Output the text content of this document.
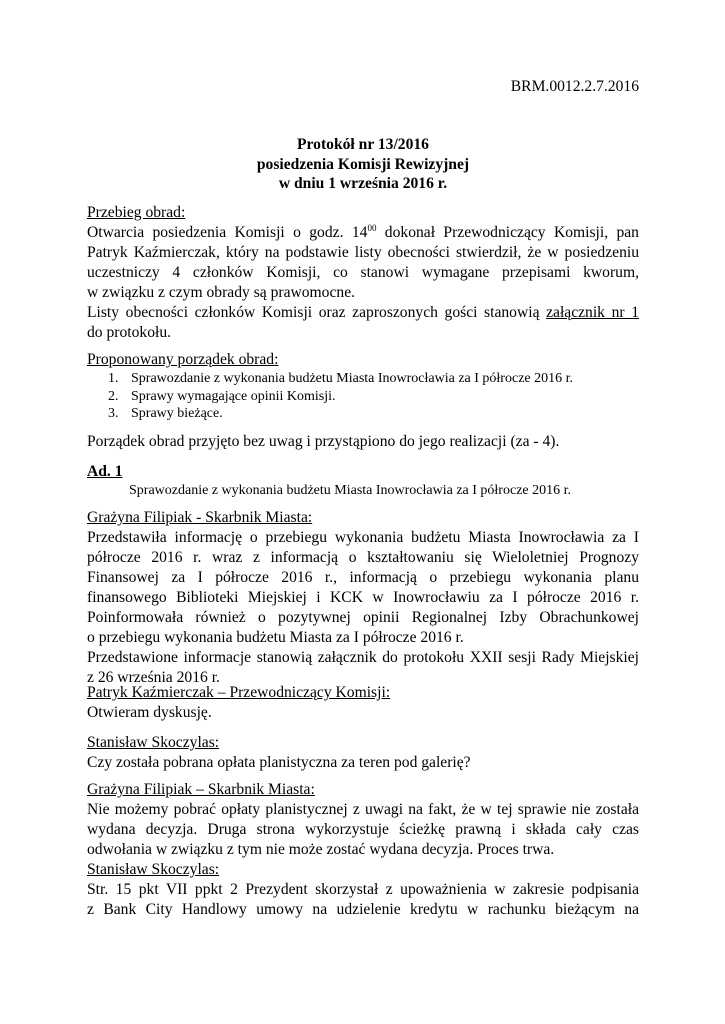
BRM.0012.2.7.2016
Protokół nr 13/2016
posiedzenia Komisji Rewizyjnej
w dniu 1 września 2016 r.
Przebieg obrad:
Otwarcia posiedzenia Komisji o godz. $14^{00}$ dokonał Przewodniczący Komisji, pan
Patryk Kaźmierczak, który na podstawie listy obecności stwierdził, że w posiedzeniu
uczestniczy 4 członków Komisji, co stanowi wymagane przepisami kworum,
w związku z czym obrady są prawomocne.
Listy obecności członków Komisji oraz zaproszonych gości stanowią załącznik nr 1
do protokołu.
Proponowany porządek obrad:
1. Sprawozdanie z wykonania budżetu Miasta Inowrocławia za I półrocze 2016 r.
2. Sprawy wymagające opinii Komisji.
3. Sprawy bieżące.
Porządek obrad przyjęto bez uwag i przystąpiono do jego realizacji (za - 4).
Ad. 1
Sprawozdanie z wykonania budżetu Miasta Inowrocławia za I półrocze 2016 r.
Grażyna Filipiak - Skarbnik Miasta:
Przedstawiła informację o przebiegu wykonania budżetu Miasta Inowrocławia za I
półrocze 2016 r. wraz z informacją o kształtowaniu się Wieloletniej Prognozy
Finansowej za I półrocze 2016 r., informacją o przebiegu wykonania planu
finansowego Biblioteki Miejskiej i KCK w Inowrocławiu za I półrocze 2016 r.
Poinformowała również o pozytywnej opinii Regionalnej Izby Obrachunkowej
o przebiegu wykonania budżetu Miasta za I półrocze 2016 r.
Przedstawione informacje stanowią załącznik do protokołu XXII sesji Rady Miejskiej
z 26 września 2016 r.
Patryk Kaźmierczak – Przewodniczący Komisji:
Otwieram dyskusję.
Stanisław Skoczylas:
Czy została pobrana opłata planistyczna za teren pod galerię?
Grażyna Filipiak – Skarbnik Miasta:
Nie możemy pobrać opłaty planistycznej z uwagi na fakt, że w tej sprawie nie została
wydana decyzja. Druga strona wykorzystuje ścieżkę prawną i składa cały czas
odwołania w związku z tym nie może zostać wydana decyzja. Proces trwa.
Stanisław Skoczylas:
Str. 15 pkt VII ppkt 2 Prezydent skorzystał z upoważnienia w zakresie podpisania
z Bank City Handlowy umowy na udzielenie kredytu w rachunku bieżącym na
